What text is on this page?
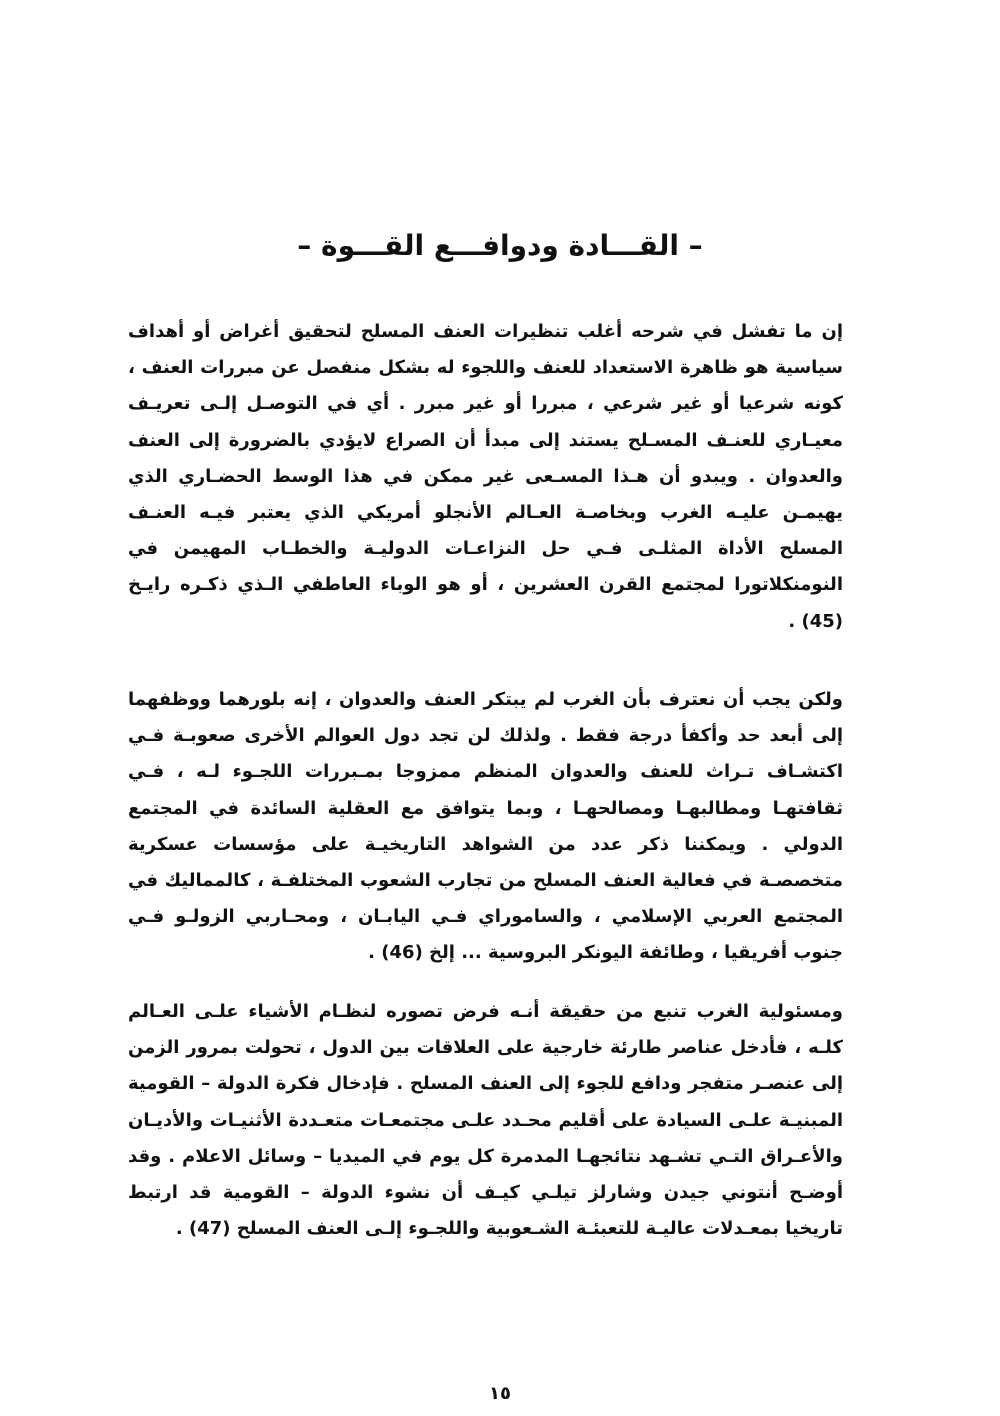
– القـــادة ودوافـــع القـــوة –

إن ما تفشل في شرحه أغلب تنظيرات العنف المسلح لتحقيق أغراض أو أهداف سياسية هو ظاهرة الاستعداد للعنف واللجوء له بشكل منفصل عن مبررات العنف ، كونه شرعيا أو غير شرعي ، مبررا أو غير مبرر . أي في التوصـل إلـى تعريـف معيـاري للعنـف المسـلح يستند إلى مبدأ أن الصراع لايؤدي بالضرورة إلى العنف والعدوان . ويبدو أن هـذا المسـعى غير ممكن في هذا الوسط الحضـاري الذي يهيمـن عليـه الغرب وبخاصـة العـالم الأنجلو أمريكي الذي يعتبر فيـه العنـف المسلح الأداة المثلـى فـي حل النزاعـات الدوليـة والخطـاب المهيمن في النومنكلاتورا لمجتمع القرن العشرين ، أو هو الوباء العاطفي الـذي ذكـره رايـخ (45) .

ولكن يجب أن نعترف بأن الغرب لم يبتكر العنف والعدوان ، إنه بلورهما ووظفهما إلى أبعد حد وأكفأ درجة فقط . ولذلك لن تجد دول العوالم الأخرى صعوبـة فـي اكتشـاف تـراث للعنف والعدوان المنظم ممزوجا بمـبررات اللجـوء لـه ، فـي ثقافتهـا ومطالبهـا ومصالحهـا ، وبما يتوافق مع العقلية السائدة في المجتمع الدولي . ويمكننا ذكر عدد من الشواهد التاريخيـة على مؤسسات عسكرية متخصصـة في فعالية العنف المسلح من تجارب الشعوب المختلفـة ، كالمماليك في المجتمع العربي الإسلامي ، والساموراي فـي اليابـان ، ومحـاربي الزولـو فـي جنوب أفريقيا ، وطائفة اليونكر البروسية ... إلخ (46) .

ومسئولية الغرب تنبع من حقيقة أنـه فرض تصوره لنظـام الأشياء علـى العـالم كلـه ، فأدخل عناصر طارئة خارجية على العلاقات بين الدول ، تحولت بمرور الزمن إلى عنصـر متفجر ودافع للجوء إلى العنف المسلح . فإدخال فكرة الدولة – القومية المبنيـة علـى السيادة على أقليم محـدد علـى مجتمعـات متعـددة الأثنيـات والأديـان والأعـراق التـي تشـهد نتائجهـا المدمرة كل يوم في الميديا – وسائل الاعلام . وقد أوضـح أنتوني جيدن وشارلز تيلـي كيـف أن نشوء الدولة – القومية قد ارتبط تاريخيا بمعـدلات عاليـة للتعبئـة الشـعوبية واللجـوء إلـى العنف المسلح (47) .

١٥
